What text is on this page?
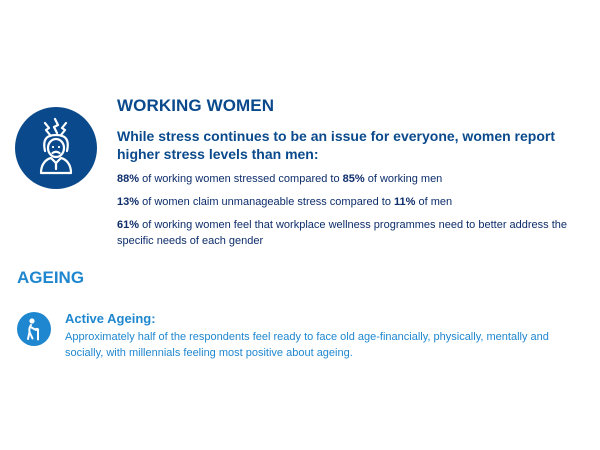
WORKING WOMEN

While stress continues to be an issue for everyone, women report higher stress levels than men:

88% of working women stressed compared to 85% of working men

13% of women claim unmanageable stress compared to 11% of men

61% of working women feel that workplace wellness programmes need to better address the specific needs of each gender

AGEING
Active Ageing:

Approximately half of the respondents feel ready to face old age-financially, physically, mentally and socially, with millennials feeling most positive about ageing.
